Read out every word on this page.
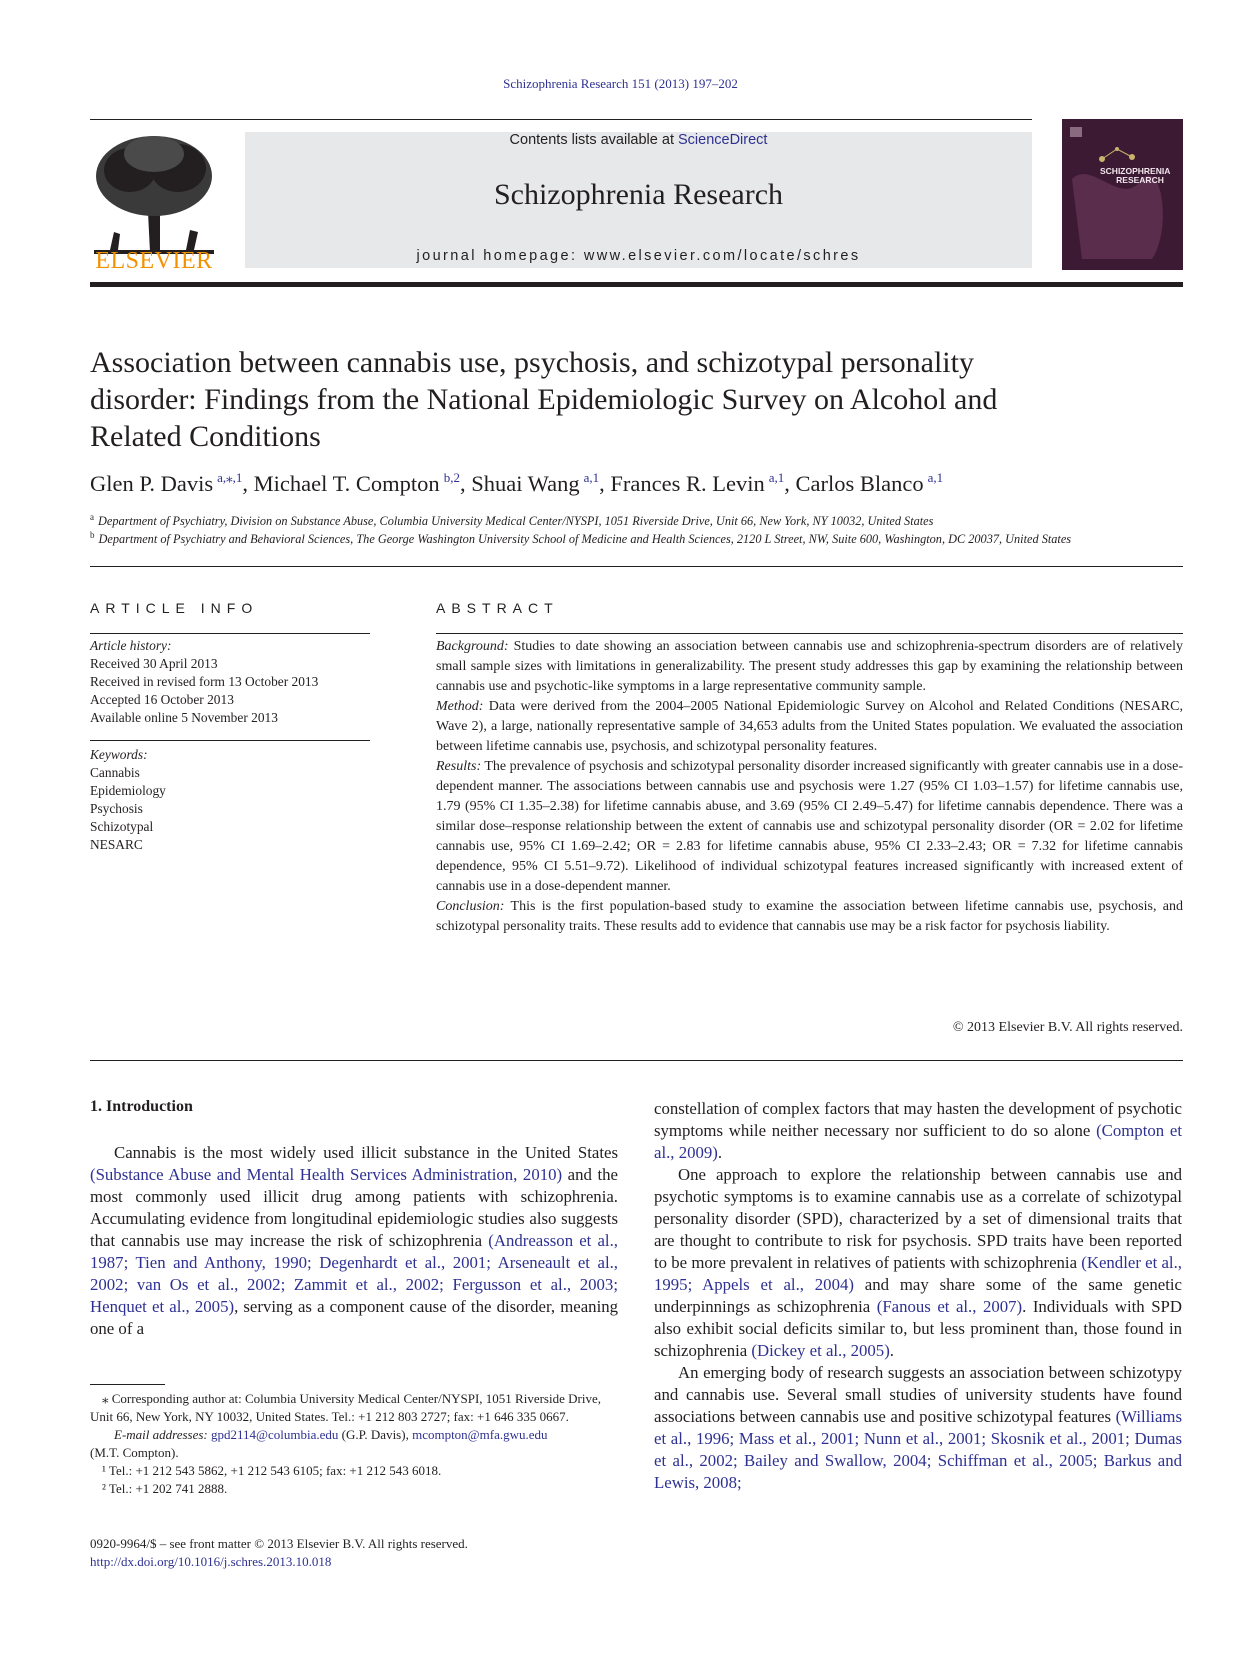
Schizophrenia Research 151 (2013) 197–202
ELSEVIER
Contents lists available at ScienceDirect
Schizophrenia Research
journal homepage: www.elsevier.com/locate/schres
SCHIZOPHRENIA
RESEARCH
Association between cannabis use, psychosis, and schizotypal personality disorder: Findings from the National Epidemiologic Survey on Alcohol and Related Conditions
Glen P. Davis $^{a,⁎,1}$, Michael T. Compton $^{b,2}$, Shuai Wang $^{a,1}$, Frances R. Levin $^{a,1}$, Carlos Blanco $^{a,1}$
$^a$ Department of Psychiatry, Division on Substance Abuse, Columbia University Medical Center/NYSPI, 1051 Riverside Drive, Unit 66, New York, NY 10032, United States
$^b$ Department of Psychiatry and Behavioral Sciences, The George Washington University School of Medicine and Health Sciences, 2120 L Street, NW, Suite 600, Washington, DC 20037, United States
ARTICLE INFO
Article history:
Received 30 April 2013
Received in revised form 13 October 2013
Accepted 16 October 2013
Available online 5 November 2013
Keywords:
Cannabis
Epidemiology
Psychosis
Schizotypal
NESARC
ABSTRACT

Background: Studies to date showing an association between cannabis use and schizophrenia-spectrum disorders are of relatively small sample sizes with limitations in generalizability. The present study addresses this gap by examining the relationship between cannabis use and psychotic-like symptoms in a large representative community sample.

Method: Data were derived from the 2004–2005 National Epidemiologic Survey on Alcohol and Related Conditions (NESARC, Wave 2), a large, nationally representative sample of 34,653 adults from the United States population. We evaluated the association between lifetime cannabis use, psychosis, and schizotypal personality features.

Results: The prevalence of psychosis and schizotypal personality disorder increased significantly with greater cannabis use in a dose-dependent manner. The associations between cannabis use and psychosis were 1.27 (95% CI 1.03–1.57) for lifetime cannabis use, 1.79 (95% CI 1.35–2.38) for lifetime cannabis abuse, and 3.69 (95% CI 2.49–5.47) for lifetime cannabis dependence. There was a similar dose–response relationship between the extent of cannabis use and schizotypal personality disorder (OR = 2.02 for lifetime cannabis use, 95% CI 1.69–2.42; OR = 2.83 for lifetime cannabis abuse, 95% CI 2.33–2.43; OR = 7.32 for lifetime cannabis dependence, 95% CI 5.51–9.72). Likelihood of individual schizotypal features increased significantly with increased extent of cannabis use in a dose-dependent manner.

Conclusion: This is the first population-based study to examine the association between lifetime cannabis use, psychosis, and schizotypal personality traits. These results add to evidence that cannabis use may be a risk factor for psychosis liability.

© 2013 Elsevier B.V. All rights reserved.
1. Introduction

Cannabis is the most widely used illicit substance in the United States (Substance Abuse and Mental Health Services Administration, 2010) and the most commonly used illicit drug among patients with schizophrenia. Accumulating evidence from longitudinal epidemiologic studies also suggests that cannabis use may increase the risk of schizophrenia (Andreasson et al., 1987; Tien and Anthony, 1990; Degenhardt et al., 2001; Arseneault et al., 2002; van Os et al., 2002; Zammit et al., 2002; Fergusson et al., 2003; Henquet et al., 2005), serving as a component cause of the disorder, meaning one of a

constellation of complex factors that may hasten the development of psychotic symptoms while neither necessary nor sufficient to do so alone (Compton et al., 2009).

One approach to explore the relationship between cannabis use and psychotic symptoms is to examine cannabis use as a correlate of schizotypal personality disorder (SPD), characterized by a set of dimensional traits that are thought to contribute to risk for psychosis. SPD traits have been reported to be more prevalent in relatives of patients with schizophrenia (Kendler et al., 1995; Appels et al., 2004) and may share some of the same genetic underpinnings as schizophrenia (Fanous et al., 2007). Individuals with SPD also exhibit social deficits similar to, but less prominent than, those found in schizophrenia (Dickey et al., 2005).

An emerging body of research suggests an association between schizotypy and cannabis use. Several small studies of university students have found associations between cannabis use and positive schizotypal features (Williams et al., 1996; Mass et al., 2001; Nunn et al., 2001; Skosnik et al., 2001; Dumas et al., 2002; Bailey and Swallow, 2004; Schiffman et al., 2005; Barkus and Lewis, 2008;

⁎ Corresponding author at: Columbia University Medical Center/NYSPI, 1051 Riverside Drive, Unit 66, New York, NY 10032, United States. Tel.: +1 212 803 2727; fax: +1 646 335 0667.

E-mail addresses: gpd2114@columbia.edu (G.P. Davis), mcompton@mfa.gwu.edu

(M.T. Compton).

¹ Tel.: +1 212 543 5862, +1 212 543 6105; fax: +1 212 543 6018.

² Tel.: +1 202 741 2888.

0920-9964/$ – see front matter © 2013 Elsevier B.V. All rights reserved.

http://dx.doi.org/10.1016/j.schres.2013.10.018
